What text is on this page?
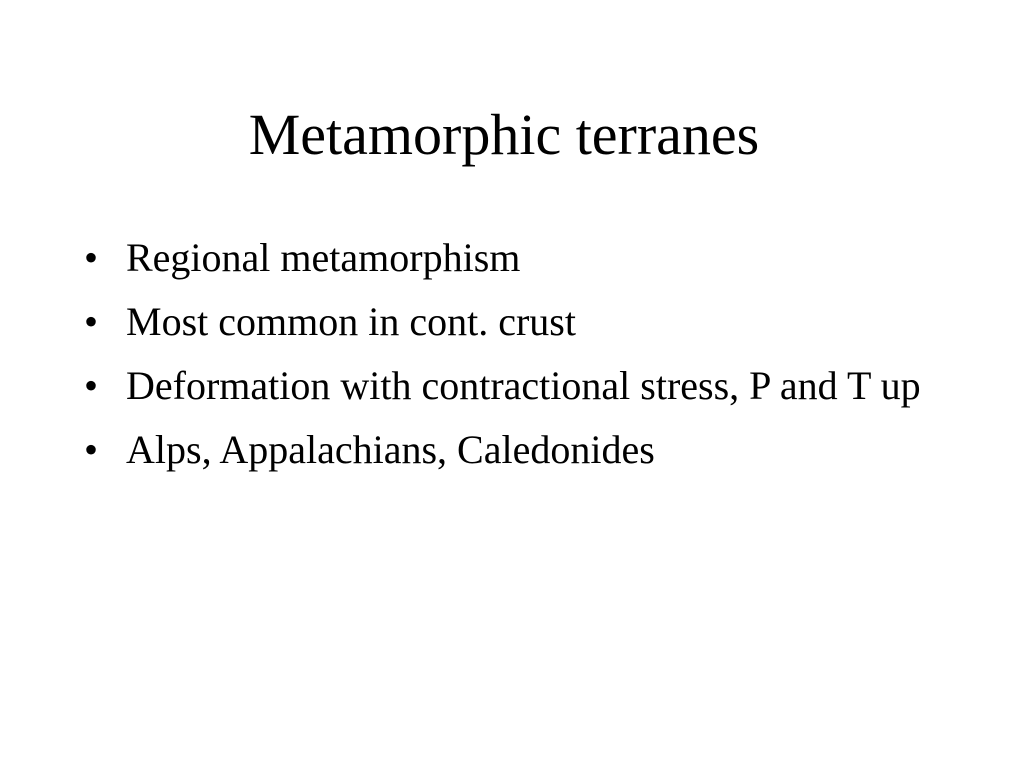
Metamorphic terranes
• Regional metamorphism
• Most common in cont. crust
• Deformation with contractional stress, P and T up
• Alps, Appalachians, Caledonides
